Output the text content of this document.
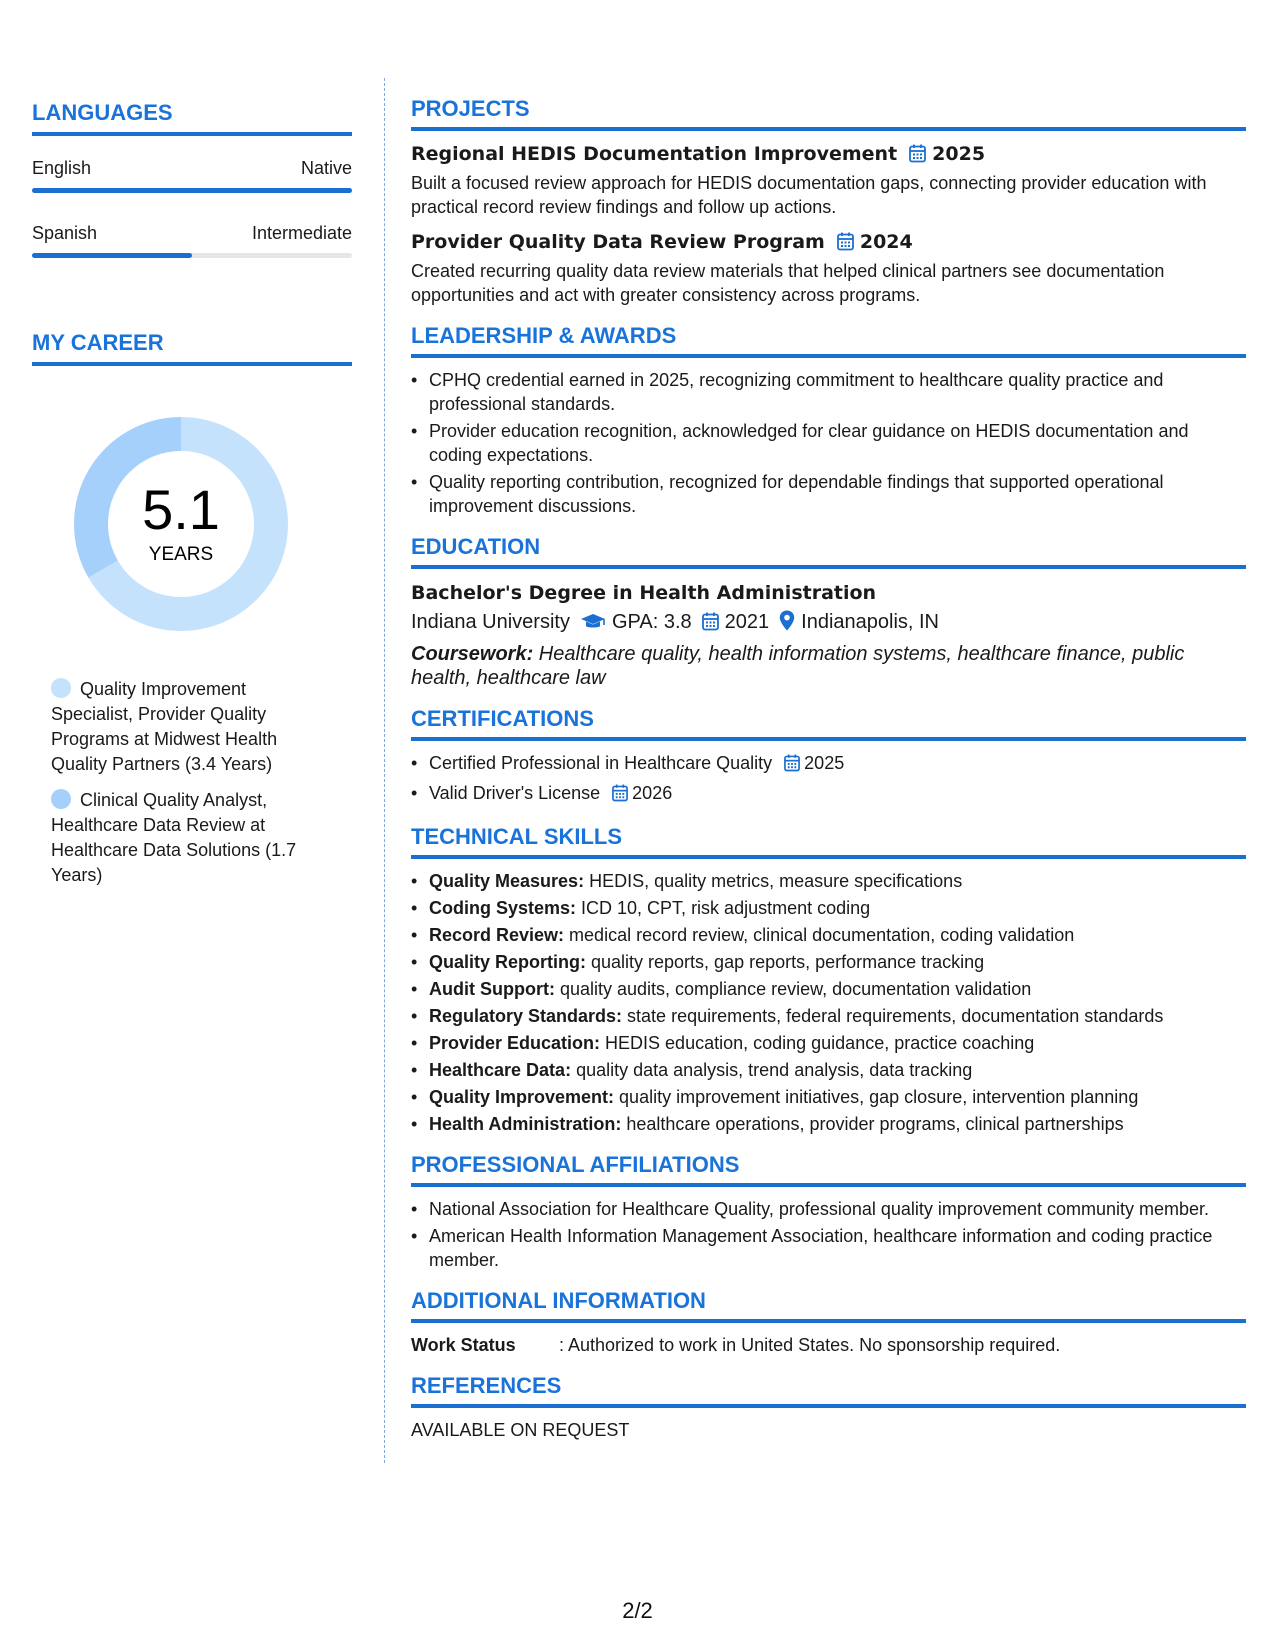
LANGUAGES
English	Native
Spanish	Intermediate
MY CAREER
5.1
YEARS
Quality Improvement Specialist, Provider Quality Programs at Midwest Health Quality Partners (3.4 Years)
Clinical Quality Analyst, Healthcare Data Review at Healthcare Data Solutions (1.7 Years)
PROJECTS
Regional HEDIS Documentation Improvement 2025
Built a focused review approach for HEDIS documentation gaps, connecting provider education with practical record review findings and follow up actions.
Provider Quality Data Review Program 2024
Created recurring quality data review materials that helped clinical partners see documentation opportunities and act with greater consistency across programs.
LEADERSHIP & AWARDS
• CPHQ credential earned in 2025, recognizing commitment to healthcare quality practice and professional standards.
• Provider education recognition, acknowledged for clear guidance on HEDIS documentation and coding expectations.
• Quality reporting contribution, recognized for dependable findings that supported operational improvement discussions.
EDUCATION
Bachelor's Degree in Health Administration
Indiana University GPA: 3.8 2021 Indianapolis, IN
Coursework: Healthcare quality, health information systems, healthcare finance, public health, healthcare law
CERTIFICATIONS
• Certified Professional in Healthcare Quality 2025
• Valid Driver's License 2026
TECHNICAL SKILLS
• Quality Measures: HEDIS, quality metrics, measure specifications
• Coding Systems: ICD 10, CPT, risk adjustment coding
• Record Review: medical record review, clinical documentation, coding validation
• Quality Reporting: quality reports, gap reports, performance tracking
• Audit Support: quality audits, compliance review, documentation validation
• Regulatory Standards: state requirements, federal requirements, documentation standards
• Provider Education: HEDIS education, coding guidance, practice coaching
• Healthcare Data: quality data analysis, trend analysis, data tracking
• Quality Improvement: quality improvement initiatives, gap closure, intervention planning
• Health Administration: healthcare operations, provider programs, clinical partnerships
PROFESSIONAL AFFILIATIONS
• National Association for Healthcare Quality, professional quality improvement community member.
• American Health Information Management Association, healthcare information and coding practice member.
ADDITIONAL INFORMATION
Work Status	: Authorized to work in United States. No sponsorship required.
REFERENCES
AVAILABLE ON REQUEST
2/2
